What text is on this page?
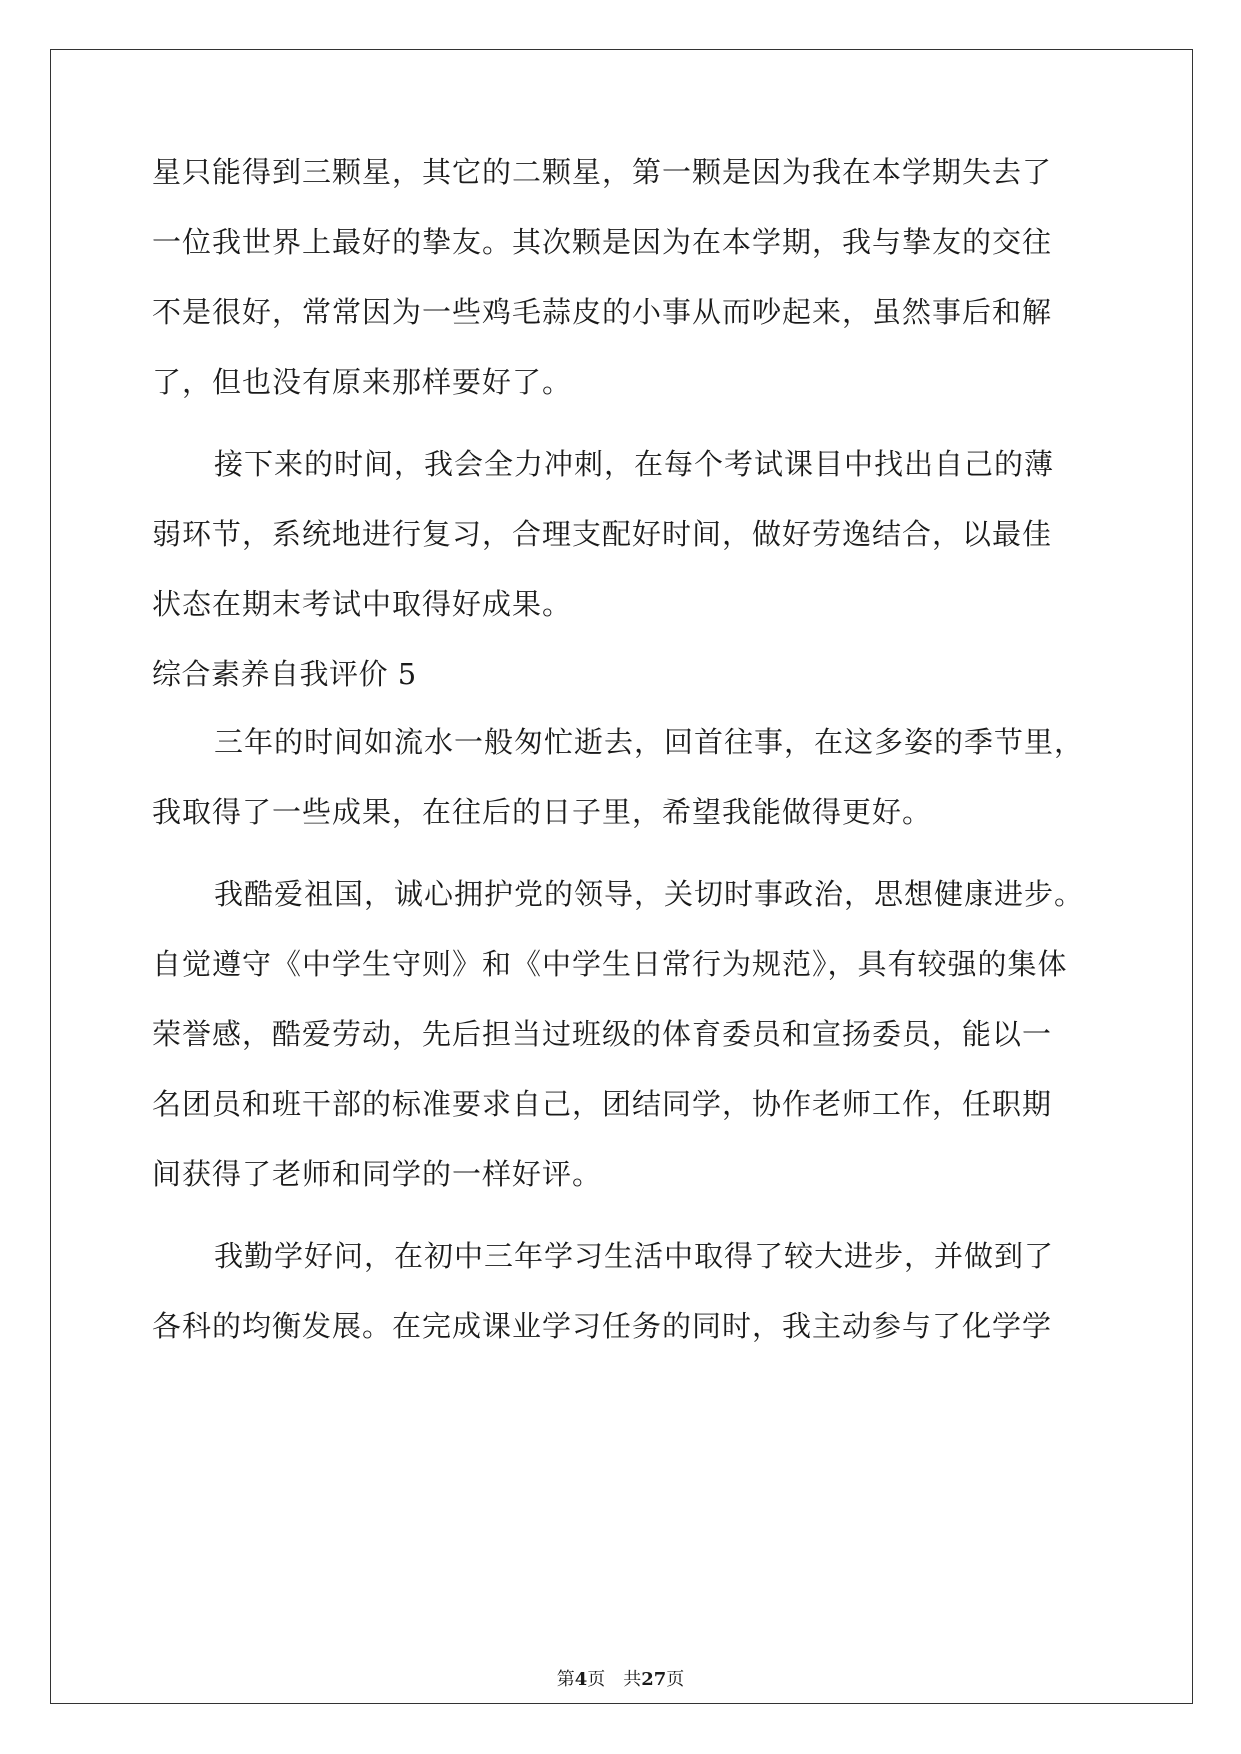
星只能得到三颗星，其它的二颗星，第一颗是因为我在本学期失去了
一位我世界上最好的挚友。其次颗是因为在本学期，我与挚友的交往
不是很好，常常因为一些鸡毛蒜皮的小事从而吵起来，虽然事后和解
了，但也没有原来那样要好了。
接下来的时间，我会全力冲刺，在每个考试课目中找出自己的薄
弱环节，系统地进行复习，合理支配好时间，做好劳逸结合，以最佳
状态在期末考试中取得好成果。
综合素养自我评价 5
三年的时间如流水一般匆忙逝去，回首往事，在这多姿的季节里，
我取得了一些成果，在往后的日子里，希望我能做得更好。
我酷爱祖国，诚心拥护党的领导，关切时事政治，思想健康进步。
自觉遵守《中学生守则》和《中学生日常行为规范》，具有较强的集体
荣誉感，酷爱劳动，先后担当过班级的体育委员和宣扬委员，能以一
名团员和班干部的标准要求自己，团结同学，协作老师工作，任职期
间获得了老师和同学的一样好评。
我勤学好问，在初中三年学习生活中取得了较大进步，并做到了
各科的均衡发展。在完成课业学习任务的同时，我主动参与了化学学
第4页 共27页
